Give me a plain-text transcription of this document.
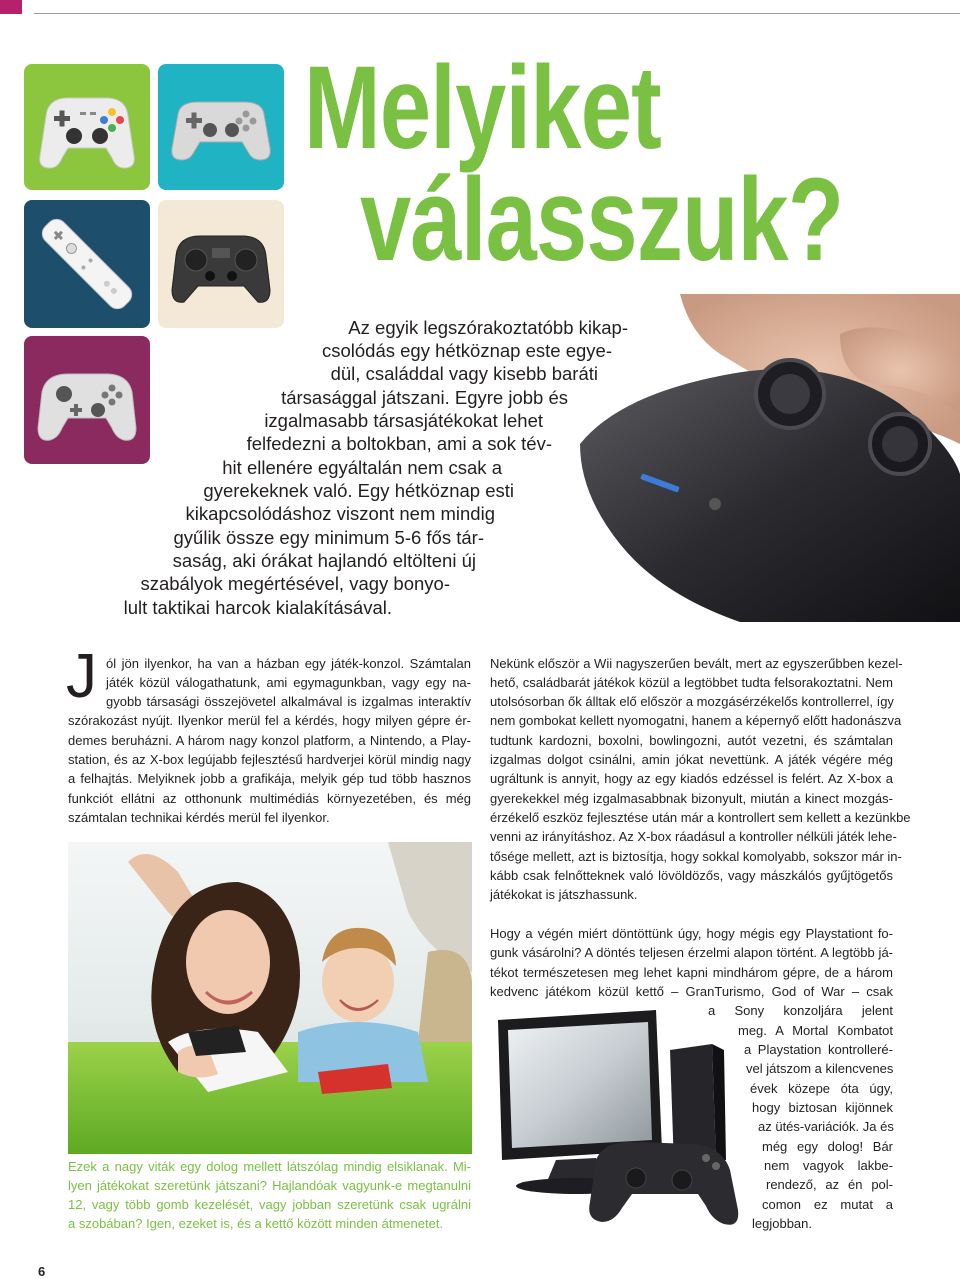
Melyiket
válasszuk?
Az egyik legszórakoztatóbb kikap-
csolódás egy hétköznap este egye-
dül, családdal vagy kisebb baráti
társasággal játszani. Egyre jobb és
izgalmasabb társasjátékokat lehet
felfedezni a boltokban, ami a sok tév-
hit ellenére egyáltalán nem csak a
gyerekeknek való. Egy hétköznap esti
kikapcsolódáshoz viszont nem mindig
gyűlik össze egy minimum 5-6 fős tár-
saság, aki órákat hajlandó eltölteni új
szabályok megértésével, vagy bonyo-
lult taktikai harcok kialakításával.
J ól jön ilyenkor, ha van a házban egy játék-konzol. Számtalan
játék közül válogathatunk, ami egymagunkban, vagy egy na-
gyobb társasági összejövetel alkalmával is izgalmas interaktív
szórakozást nyújt. Ilyenkor merül fel a kérdés, hogy milyen gépre ér-
demes beruházni. A három nagy konzol platform, a Nintendo, a Play-
station, és az X-box legújabb fejlesztésű hardverjei körül mindig nagy
a felhajtás. Melyiknek jobb a grafikája, melyik gép tud több hasznos
funkciót ellátni az otthonunk multimédiás környezetében, és még
számtalan technikai kérdés merül fel ilyenkor.
Ezek a nagy viták egy dolog mellett látszólag mindig elsiklanak. Mi-
lyen játékokat szeretünk játszani? Hajlandóak vagyunk-e megtanulni
12, vagy több gomb kezelését, vagy jobban szeretünk csak ugrálni
a szobában? Igen, ezeket is, és a kettő között minden átmenetet.
Nekünk először a Wii nagyszerűen bevált, mert az egyszerűbben kezel-
hető, családbarát játékok közül a legtöbbet tudta felsorakoztatni. Nem
utolsósorban ők álltak elő először a mozgásérzékelős kontrollerrel, így
nem gombokat kellett nyomogatni, hanem a képernyő előtt hadonászva
tudtunk kardozni, boxolni, bowlingozni, autót vezetni, és számtalan
izgalmas dolgot csinálni, amin jókat nevettünk. A játék végére még
ugráltunk is annyit, hogy az egy kiadós edzéssel is felért. Az X-box a
gyerekekkel még izgalmasabbnak bizonyult, miután a kinect mozgás-
érzékelő eszköz fejlesztése után már a kontrollert sem kellett a kezünkbe
venni az irányításhoz. Az X-box ráadásul a kontroller nélküli játék lehe-
tősége mellett, azt is biztosítja, hogy sokkal komolyabb, sokszor már in-
kább csak felnőtteknek való lövöldözős, vagy mászkálós gyűjtögetős
játékokat is játszhassunk.
Hogy a végén miért döntöttünk úgy, hogy mégis egy Playstationt fo-
gunk vásárolni? A döntés teljesen érzelmi alapon történt. A legtöbb já-
tékot természetesen meg lehet kapni mindhárom gépre, de a három
kedvenc játékom közül kettő – GranTurismo, God of War – csak
a Sony konzoljára jelent
meg. A Mortal Kombatot
a Playstation kontrolleré-
vel játszom a kilencvenes
évek közepe óta úgy,
hogy biztosan kijönnek
az ütés-variációk. Ja és
még egy dolog! Bár
nem vagyok lakbe-
rendező, az én pol-
comon ez mutat a
legjobban.
6
